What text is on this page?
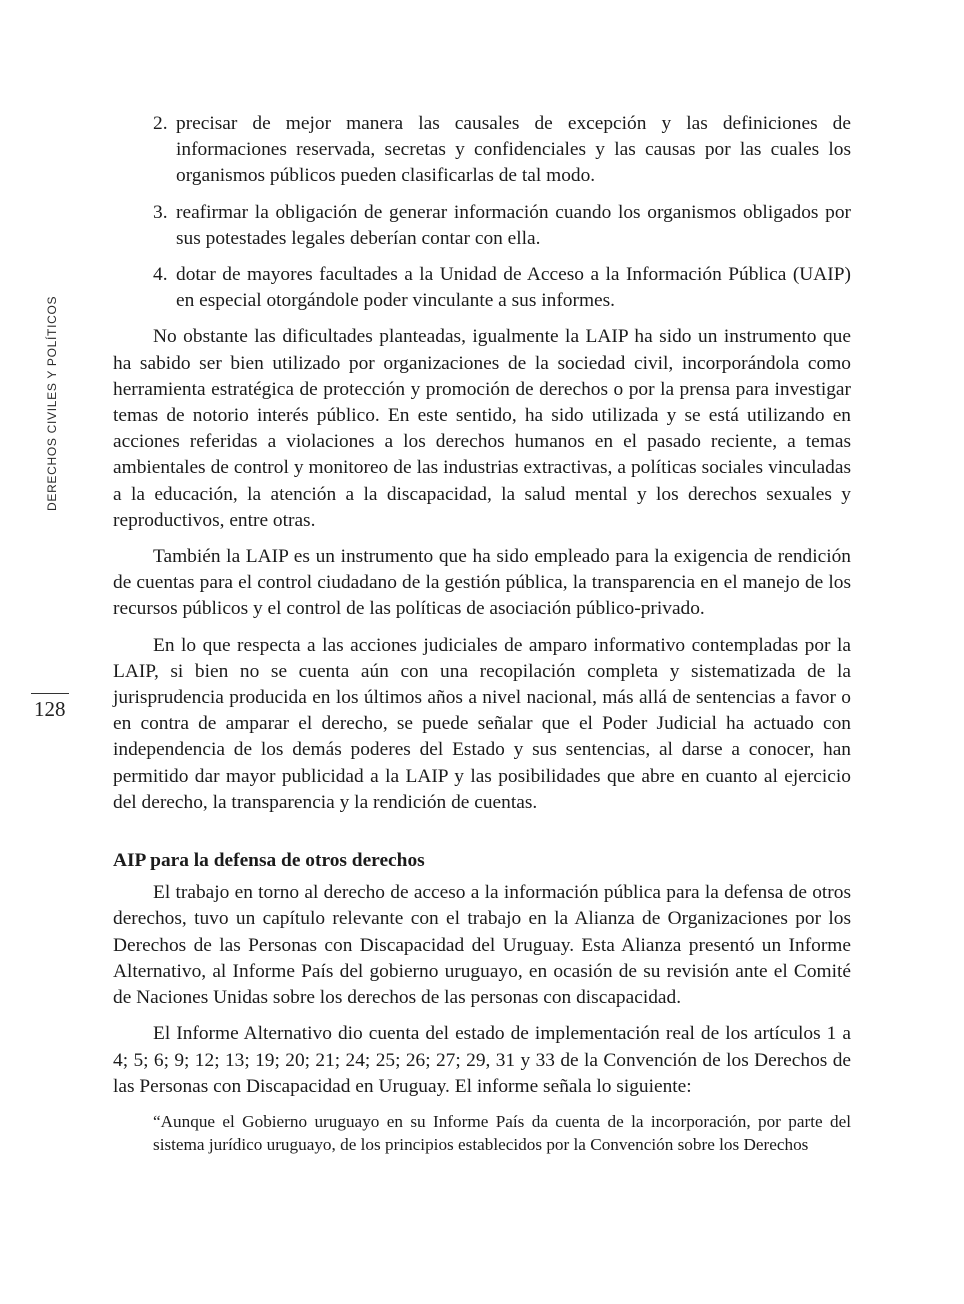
DERECHOS CIVILES Y POLÍTICOS
128
2. precisar de mejor manera las causales de excepción y las definiciones de informaciones reservada, secretas y confidenciales y las causas por las cuales los organismos públicos pueden clasificarlas de tal modo.
3. reafirmar la obligación de generar información cuando los organismos obligados por sus potestades legales deberían contar con ella.
4. dotar de mayores facultades a la Unidad de Acceso a la Información Pública (UAIP) en especial otorgándole poder vinculante a sus informes.

No obstante las dificultades planteadas, igualmente la LAIP ha sido un instrumento que ha sabido ser bien utilizado por organizaciones de la sociedad civil, incorporándola como herramienta estratégica de protección y promoción de derechos o por la prensa para investigar temas de notorio interés público. En este sentido, ha sido utilizada y se está utilizando en acciones referidas a violaciones a los derechos humanos en el pasado reciente, a temas ambientales de control y monitoreo de las industrias extractivas, a políticas sociales vinculadas a la educación, la atención a la discapacidad, la salud mental y los derechos sexuales y reproductivos, entre otras.

También la LAIP es un instrumento que ha sido empleado para la exigencia de rendición de cuentas para el control ciudadano de la gestión pública, la transparencia en el manejo de los recursos públicos y el control de las políticas de asociación público-privado.

En lo que respecta a las acciones judiciales de amparo informativo contempladas por la LAIP, si bien no se cuenta aún con una recopilación completa y sistematizada de la jurisprudencia producida en los últimos años a nivel nacional, más allá de sentencias a favor o en contra de amparar el derecho, se puede señalar que el Poder Judicial ha actuado con independencia de los demás poderes del Estado y sus sentencias, al darse a conocer, han permitido dar mayor publicidad a la LAIP y las posibilidades que abre en cuanto al ejercicio del derecho, la transparencia y la rendición de cuentas.

AIP para la defensa de otros derechos

El trabajo en torno al derecho de acceso a la información pública para la defensa de otros derechos, tuvo un capítulo relevante con el trabajo en la Alianza de Organizaciones por los Derechos de las Personas con Discapacidad del Uruguay. Esta Alianza presentó un Informe Alternativo, al Informe País del gobierno uruguayo, en ocasión de su revisión ante el Comité de Naciones Unidas sobre los derechos de las personas con discapacidad.

El Informe Alternativo dio cuenta del estado de implementación real de los artículos 1 a 4; 5; 6; 9; 12; 13; 19; 20; 21; 24; 25; 26; 27; 29, 31 y 33 de la Convención de los Derechos de las Personas con Discapacidad en Uruguay. El informe señala lo siguiente:

“Aunque el Gobierno uruguayo en su Informe País da cuenta de la incorporación, por parte del sistema jurídico uruguayo, de los principios establecidos por la Convención sobre los Derechos
